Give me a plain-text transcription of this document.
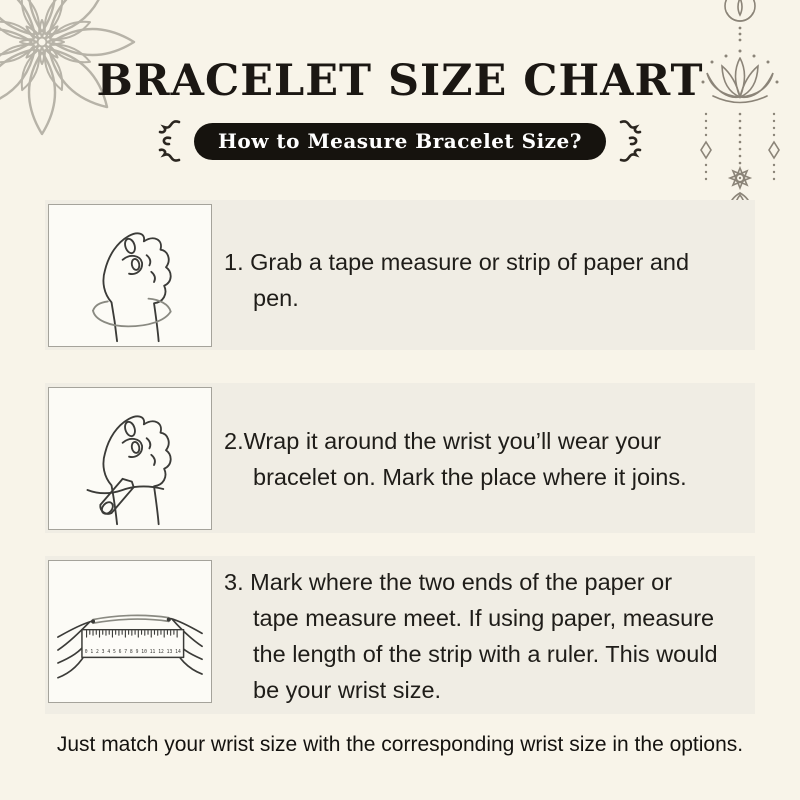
BRACELET SIZE CHART
How to Measure Bracelet Size?
1. Grab a tape measure or strip of paper and
pen.
2.Wrap it around the wrist you’ll wear your
bracelet on. Mark the place where it joins.
0 1 2 3 4 5 6 7 8 9 10 11 12 13 14
3. Mark where the two ends of the paper or
tape measure meet. If using paper, measure
the length of the strip with a ruler. This would
be your wrist size.
Just match your wrist size with the corresponding wrist size in the options.
